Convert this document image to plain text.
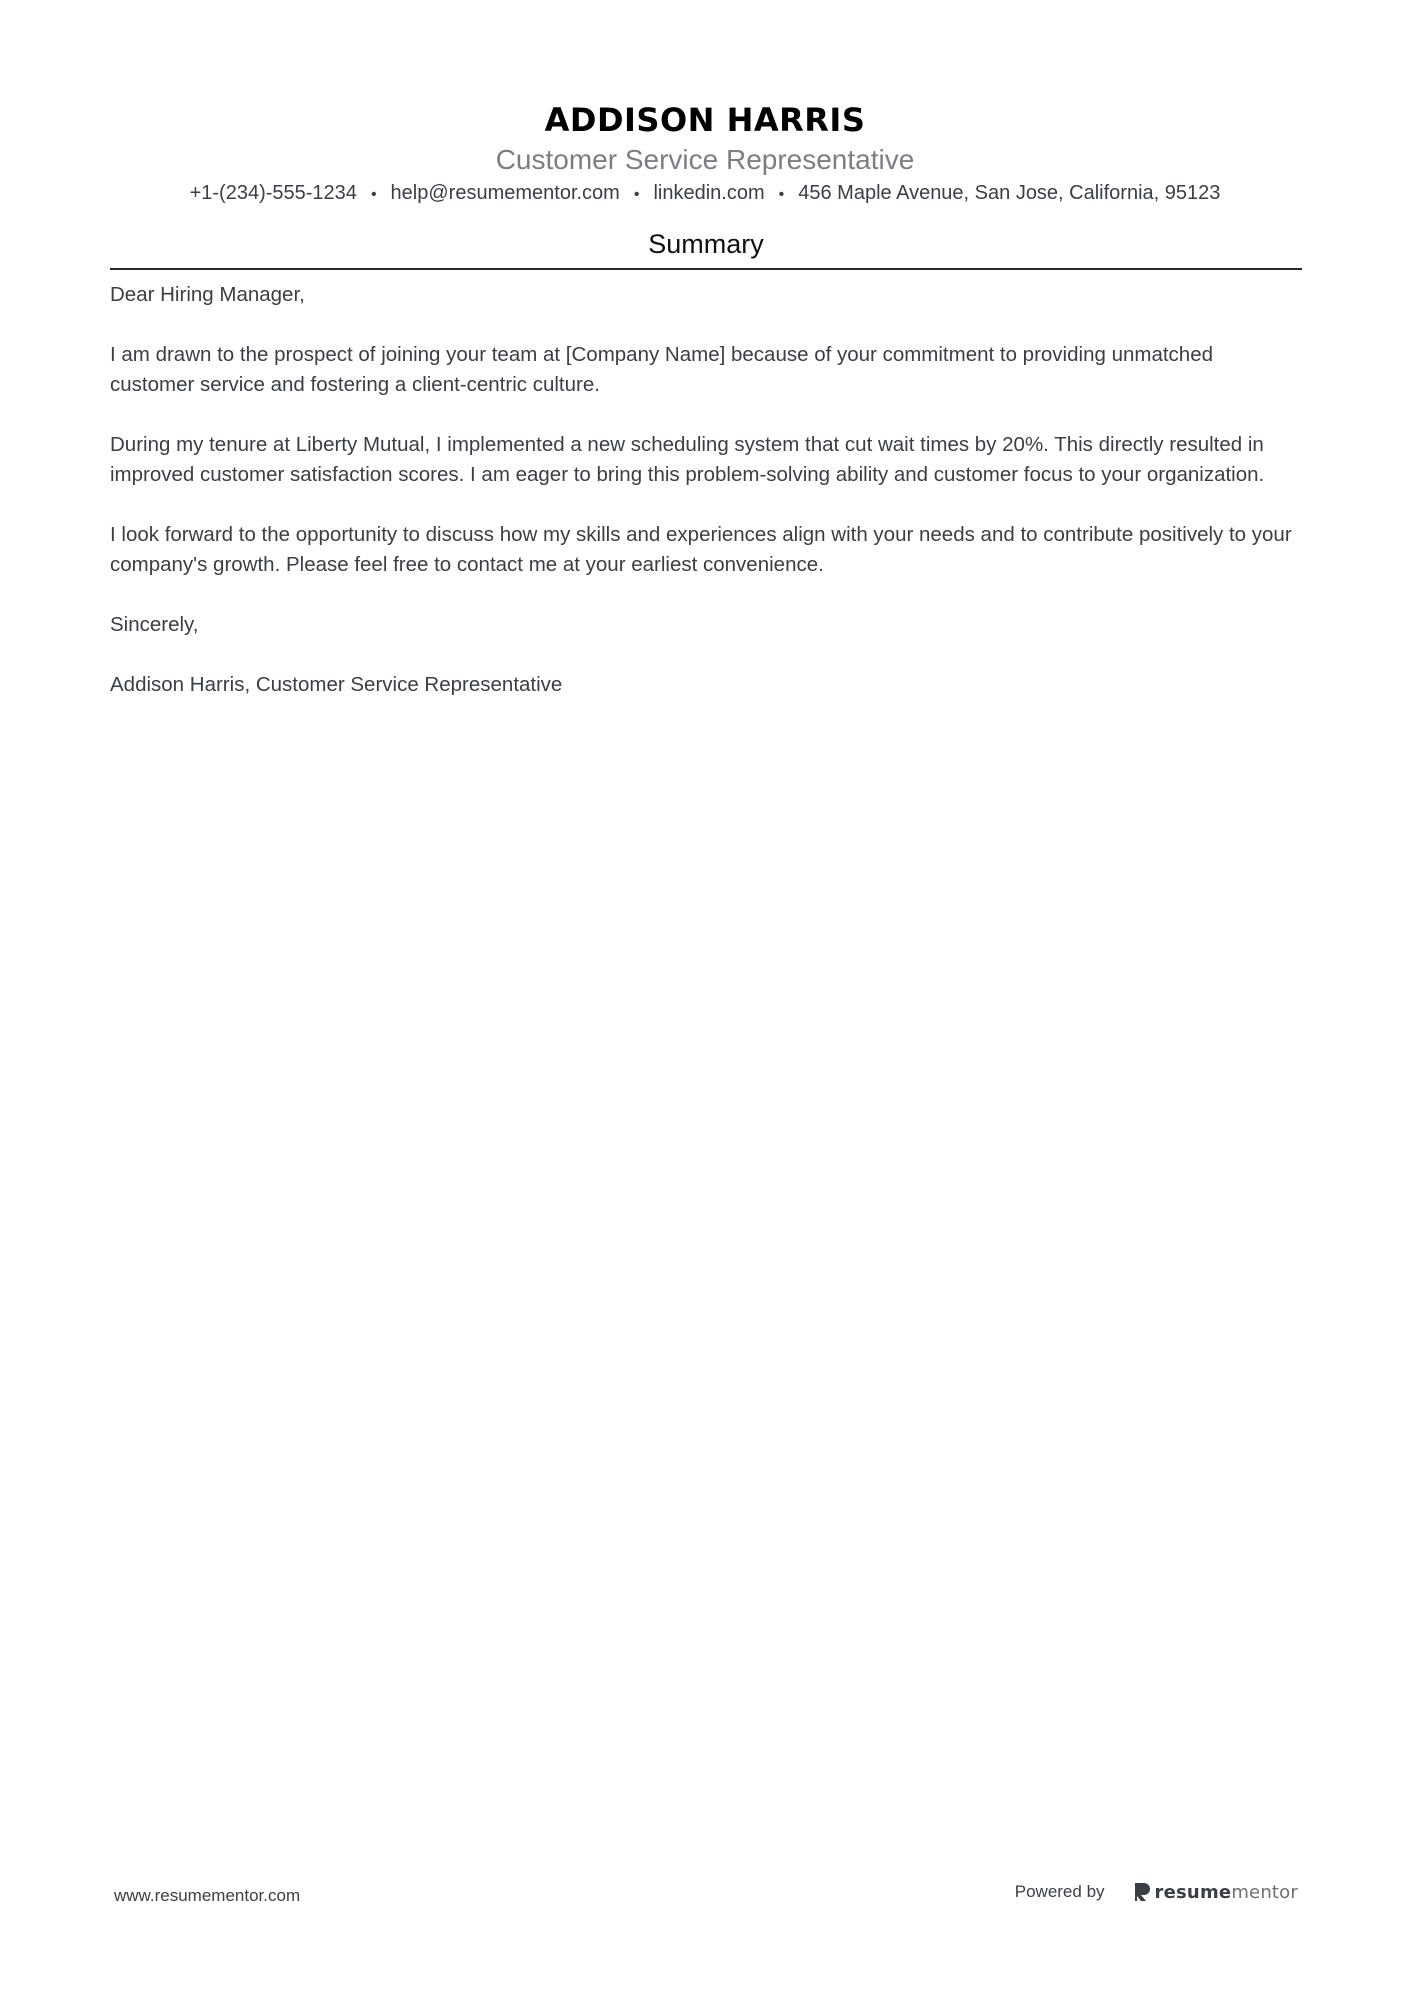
ADDISON HARRIS
Customer Service Representative
+1-(234)-555-1234 • help@resumementor.com • linkedin.com • 456 Maple Avenue, San Jose, California, 95123
Summary

Dear Hiring Manager,

I am drawn to the prospect of joining your team at [Company Name] because of your commitment to providing unmatched customer service and fostering a client-centric culture.

During my tenure at Liberty Mutual, I implemented a new scheduling system that cut wait times by 20%. This directly resulted in improved customer satisfaction scores. I am eager to bring this problem-solving ability and customer focus to your organization.

I look forward to the opportunity to discuss how my skills and experiences align with your needs and to contribute positively to your company's growth. Please feel free to contact me at your earliest convenience.

Sincerely,

Addison Harris, Customer Service Representative

www.resumementor.com	Powered by	resumementor
